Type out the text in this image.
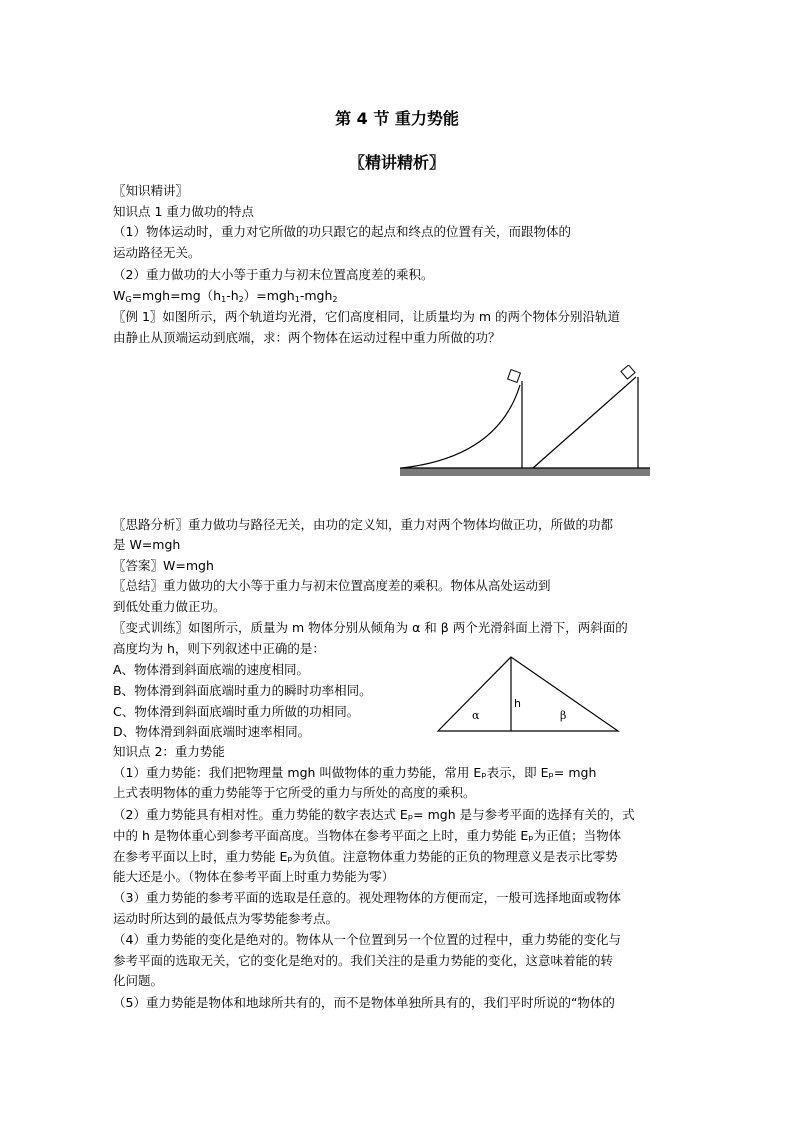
第 4 节 重力势能
〖精讲精析〗
〖知识精讲〗
知识点 1 重力做功的特点
（1）物体运动时，重力对它所做的功只跟它的起点和终点的位置有关，而跟物体的
运动路径无关。
（2）重力做功的大小等于重力与初末位置高度差的乘积。
$W_G=mgh=mg(h_1-h_2)=mgh_1-mgh_2$
〖例 1〗如图所示，两个轨道均光滑，它们高度相同，让质量均为 m 的两个物体分别沿轨道
由静止从顶端运动到底端，求：两个物体在运动过程中重力所做的功？
〖思路分析〗重力做功与路径无关，由功的定义知，重力对两个物体均做正功，所做的功都
是 W=mgh
〖答案〗W=mgh
〖总结〗重力做功的大小等于重力与初末位置高度差的乘积。物体从高处运动到
到低处重力做正功。
〖变式训练〗如图所示，质量为 m 物体分别从倾角为 α 和 β 两个光滑斜面上滑下，两斜面的
高度均为 h，则下列叙述中正确的是：
A、物体滑到斜面底端的速度相同。
B、物体滑到斜面底端时重力的瞬时功率相同。
C、物体滑到斜面底端时重力所做的功相同。
D、物体滑到斜面底端时速率相同。
α
h
β
知识点 2：重力势能
（1）重力势能：我们把物理量 mgh 叫做物体的重力势能，常用 Eₚ表示，即 Eₚ= mgh
上式表明物体的重力势能等于它所受的重力与所处的高度的乘积。
（2）重力势能具有相对性。重力势能的数字表达式 Eₚ= mgh 是与参考平面的选择有关的，式
中的 h 是物体重心到参考平面高度。当物体在参考平面之上时，重力势能 Eₚ为正值；当物体
在参考平面以上时，重力势能 Eₚ为负值。注意物体重力势能的正负的物理意义是表示比零势
能大还是小。（物体在参考平面上时重力势能为零）
（3）重力势能的参考平面的选取是任意的。视处理物体的方便而定，一般可选择地面或物体
运动时所达到的最低点为零势能参考点。
（4）重力势能的变化是绝对的。物体从一个位置到另一个位置的过程中，重力势能的变化与
参考平面的选取无关，它的变化是绝对的。我们关注的是重力势能的变化，这意味着能的转
化问题。
（5）重力势能是物体和地球所共有的，而不是物体单独所具有的，我们平时所说的“物体的
